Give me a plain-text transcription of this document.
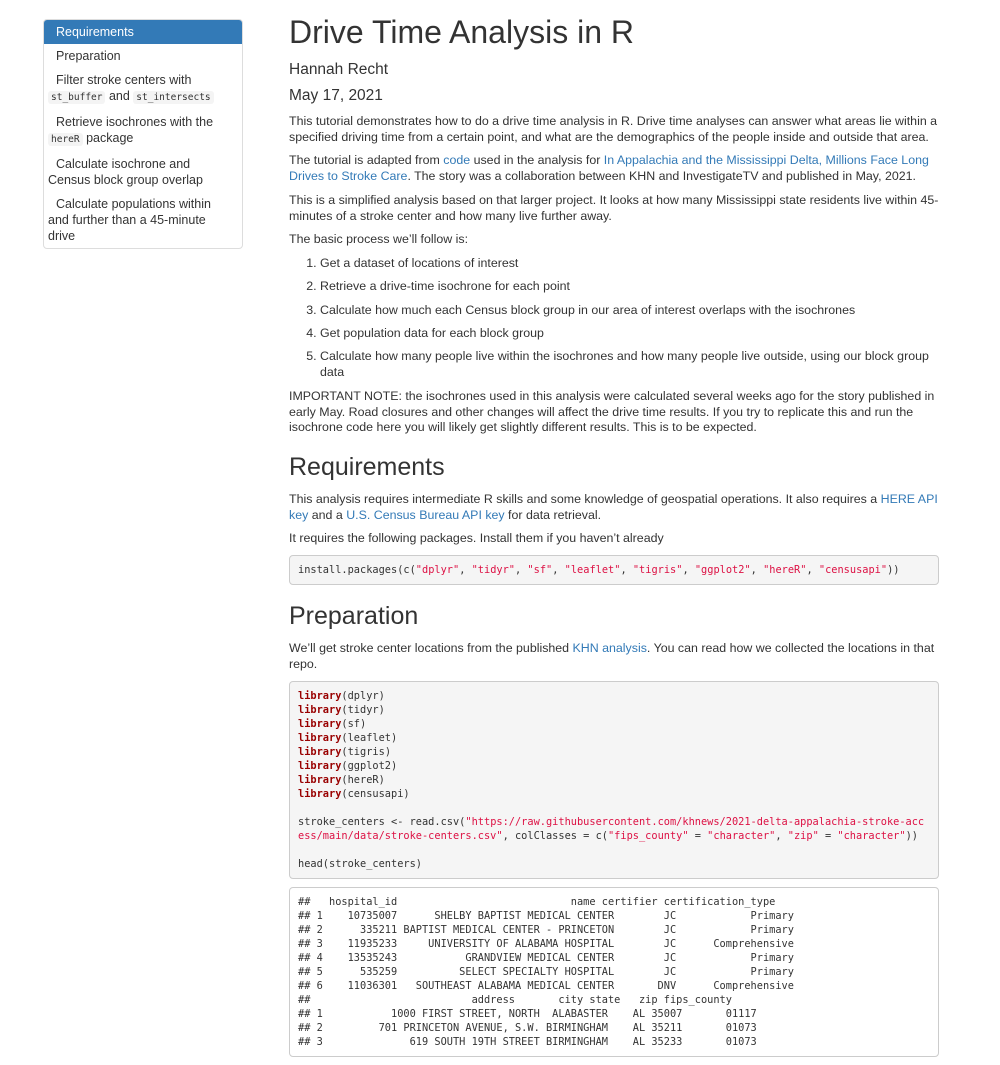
Requirements
Preparation
Filter stroke centers with st_buffer and st_intersects
Retrieve isochrones with the hereR package
Calculate isochrone and Census block group overlap
Calculate populations within and further than a 45-minute drive
Drive Time Analysis in R
Hannah Recht
May 17, 2021

This tutorial demonstrates how to do a drive time analysis in R. Drive time analyses can answer what areas lie within a specified driving time from a certain point, and what are the demographics of the people inside and outside that area.

The tutorial is adapted from code used in the analysis for In Appalachia and the Mississippi Delta, Millions Face Long Drives to Stroke Care. The story was a collaboration between KHN and InvestigateTV and published in May, 2021.

This is a simplified analysis based on that larger project. It looks at how many Mississippi state residents live within 45-minutes of a stroke center and how many live further away.

The basic process we’ll follow is:

1. Get a dataset of locations of interest
2. Retrieve a drive-time isochrone for each point
3. Calculate how much each Census block group in our area of interest overlaps with the isochrones
4. Get population data for each block group
5. Calculate how many people live within the isochrones and how many people live outside, using our block group data

IMPORTANT NOTE: the isochrones used in this analysis were calculated several weeks ago for the story published in early May. Road closures and other changes will affect the drive time results. If you try to replicate this and run the isochrone code here you will likely get slightly different results. This is to be expected.

Requirements

This analysis requires intermediate R skills and some knowledge of geospatial operations. It also requires a HERE API key and a U.S. Census Bureau API key for data retrieval.

It requires the following packages. Install them if you haven’t already

install.packages(c("dplyr", "tidyr", "sf", "leaflet", "tigris", "ggplot2", "hereR", "censusapi"))
Preparation

We’ll get stroke center locations from the published KHN analysis. You can read how we collected the locations in that repo.

library(dplyr)
library(tidyr)
library(sf)
library(leaflet)
library(tigris)
library(ggplot2)
library(hereR)
library(censusapi)

stroke_centers <- read.csv("https://raw.githubusercontent.com/khnews/2021-delta-appalachia-stroke-access/main/data/stroke-centers.csv", colClasses = c("fips_county" = "character", "zip" = "character"))

head(stroke_centers)
##   hospital_id                            name certifier certification_type
## 1    10735007      SHELBY BAPTIST MEDICAL CENTER        JC            Primary
## 2      335211 BAPTIST MEDICAL CENTER - PRINCETON        JC            Primary
## 3    11935233     UNIVERSITY OF ALABAMA HOSPITAL        JC      Comprehensive
## 4    13535243           GRANDVIEW MEDICAL CENTER        JC            Primary
## 5      535259          SELECT SPECIALTY HOSPITAL        JC            Primary
## 6    11036301   SOUTHEAST ALABAMA MEDICAL CENTER       DNV      Comprehensive
##                          address       city state   zip fips_county
## 1           1000 FIRST STREET, NORTH  ALABASTER    AL 35007       01117
## 2         701 PRINCETON AVENUE, S.W. BIRMINGHAM    AL 35211       01073
## 3              619 SOUTH 19TH STREET BIRMINGHAM    AL 35233       01073
